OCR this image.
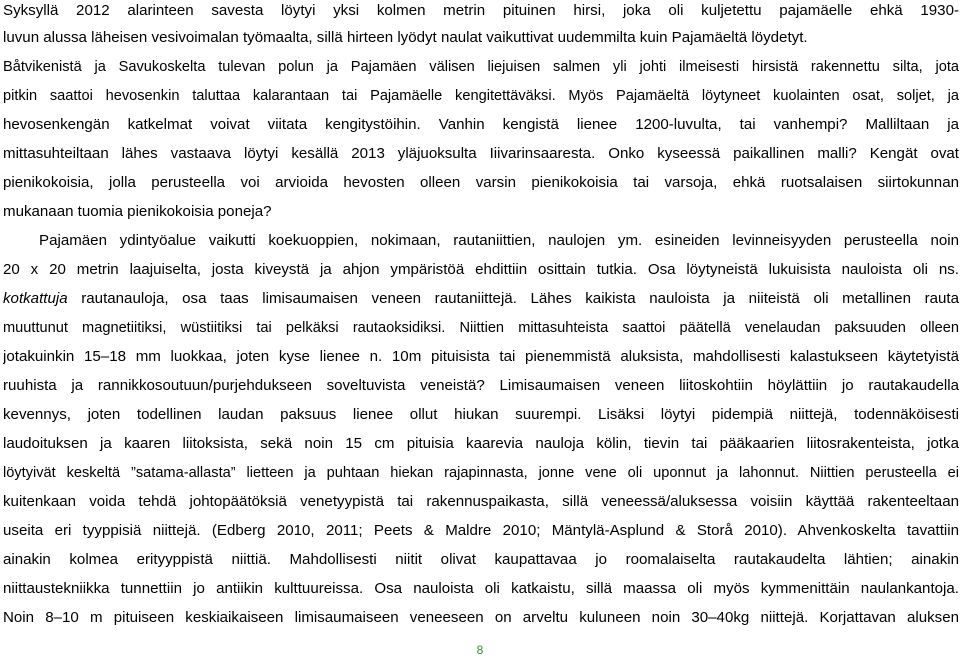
Syksyllä 2012 alarinteen savesta löytyi yksi kolmen metrin pituinen hirsi, joka oli kuljetettu pajamäelle ehkä 1930-
luvun alussa läheisen vesivoimalan työmaalta, sillä hirteen lyödyt naulat vaikuttivat uudemmilta kuin Pajamäeltä löydetyt.
Båtvikenistä ja Savukoskelta tulevan polun ja Pajamäen välisen liejuisen salmen yli johti ilmeisesti hirsistä rakennettu silta, jota
pitkin saattoi hevosenkin taluttaa kalarantaan tai Pajamäelle kengitettäväksi. Myös Pajamäeltä löytyneet kuolainten osat, soljet, ja
hevosenkengän katkelmat voivat viitata kengitystöihin. Vanhin kengistä lienee 1200-luvulta, tai vanhempi? Malliltaan ja
mittasuhteiltaan lähes vastaava löytyi kesällä 2013 yläjuoksulta Iiivarinsaaresta. Onko kyseessä paikallinen malli? Kengät ovat
pienikokoisia, jolla perusteella voi arvioida hevosten olleen varsin pienikokoisia tai varsoja, ehkä ruotsalaisen siirtokunnan
mukanaan tuomia pienikokoisia poneja?
Pajamäen ydintyöalue vaikutti koekuoppien, nokimaan, rautaniittien, naulojen ym. esineiden levinneisyyden perusteella noin
20 x 20 metrin laajuiselta, josta kiveystä ja ahjon ympäristöä ehdittiin osittain tutkia. Osa löytyneistä lukuisista nauloista oli ns.
kotkattuja rautanauloja, osa taas limisaumaisen veneen rautaniittejä. Lähes kaikista nauloista ja niiteistä oli metallinen rauta
muuttunut magnetiitiksi, wüstiitiksi tai pelkäksi rautaoksidiksi. Niittien mittasuhteista saattoi päätellä venelaudan paksuuden olleen
jotakuinkin 15–18 mm luokkaa, joten kyse lienee n. 10m pituisista tai pienemmistä aluksista, mahdollisesti kalastukseen käytetyistä
ruuhista ja rannikkosoutuun/purjehdukseen soveltuvista veneistä? Limisaumaisen veneen liitoskohtiin höylättiin jo rautakaudella
kevennys, joten todellinen laudan paksuus lienee ollut hiukan suurempi. Lisäksi löytyi pidempiä niittejä, todennäköisesti
laudoituksen ja kaaren liitoksista, sekä noin 15 cm pituisia kaarevia nauloja kölin, tievin tai pääkaarien liitosrakenteista, jotka
löytyivät keskeltä ”satama-allasta” lietteen ja puhtaan hiekan rajapinnasta, jonne vene oli uponnut ja lahonnut. Niittien perusteella ei
kuitenkaan voida tehdä johtopäätöksiä venetyypistä tai rakennuspaikasta, sillä veneessä/aluksessa voisiin käyttää rakenteeltaan
useita eri tyyppisiä niittejä. (Edberg 2010, 2011; Peets & Maldre 2010; Mäntylä-Asplund & Storå 2010). Ahvenkoskelta tavattiin
ainakin kolmea erityyppistä niittiä. Mahdollisesti niitit olivat kaupattavaa jo roomalaiselta rautakaudelta lähtien; ainakin
niittaustekniikka tunnettiin jo antiikin kulttuureissa. Osa nauloista oli katkaistu, sillä maassa oli myös kymmenittäin naulankantoja.
Noin 8–10 m pituiseen keskiaikaiseen limisaumaiseen veneeseen on arveltu kuluneen noin 30–40kg niittejä. Korjattavan aluksen
8
